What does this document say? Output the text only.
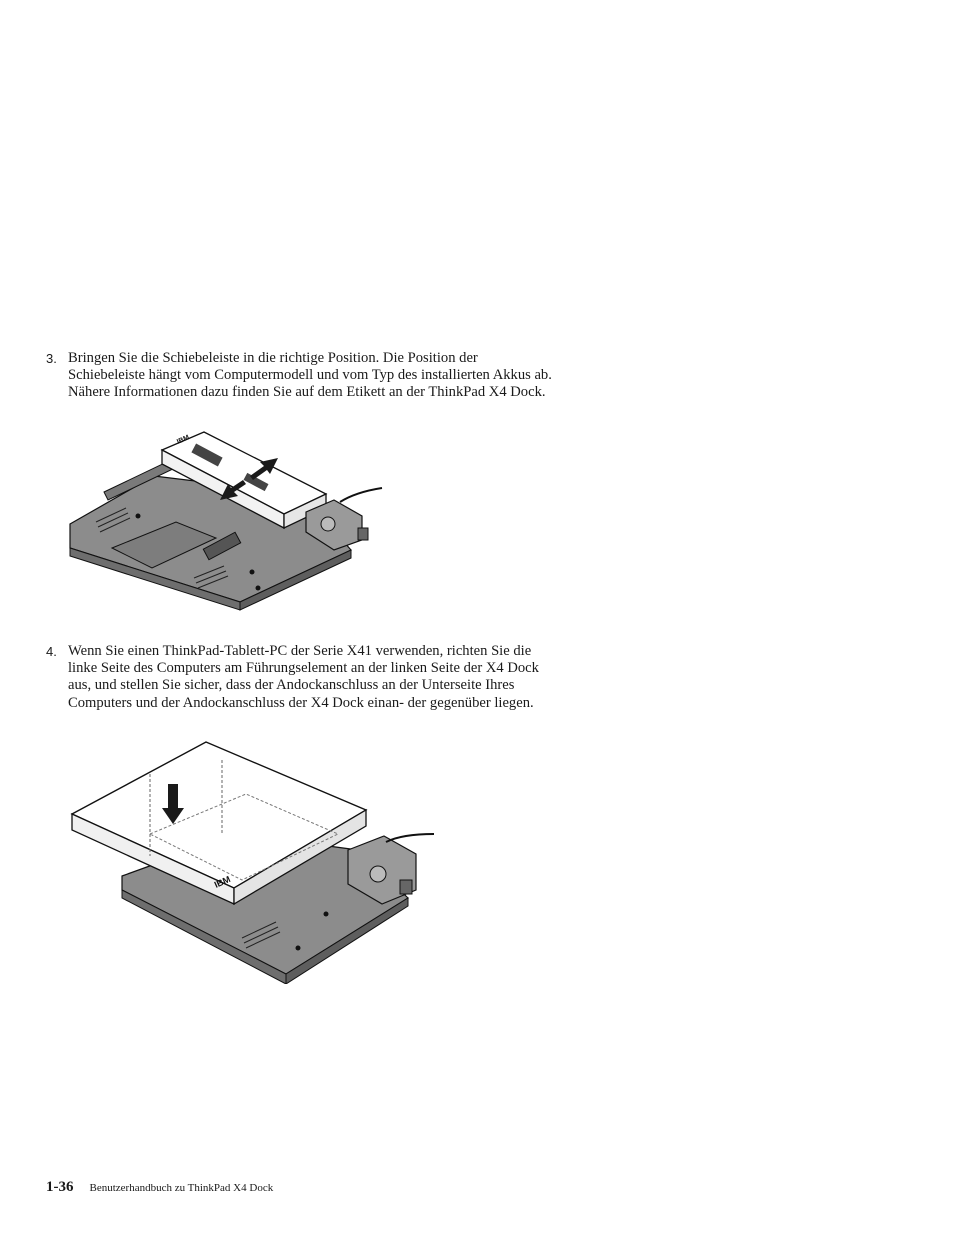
3. Bringen Sie die Schiebeleiste in die richtige Position. Die Position der Schiebeleiste hängt vom Computermodell und vom Typ des installierten Akkus ab. Nähere Informationen dazu finden Sie auf dem Etikett an der ThinkPad X4 Dock.
IBM
4. Wenn Sie einen ThinkPad-Tablett-PC der Serie X41 verwenden, richten Sie die linke Seite des Computers am Führungselement an der linken Seite der X4 Dock aus, und stellen Sie sicher, dass der Andockanschluss an der Unterseite Ihres Computers und der Andockanschluss der X4 Dock einan- der gegenüber liegen.
IBM
1-36 Benutzerhandbuch zu ThinkPad X4 Dock
